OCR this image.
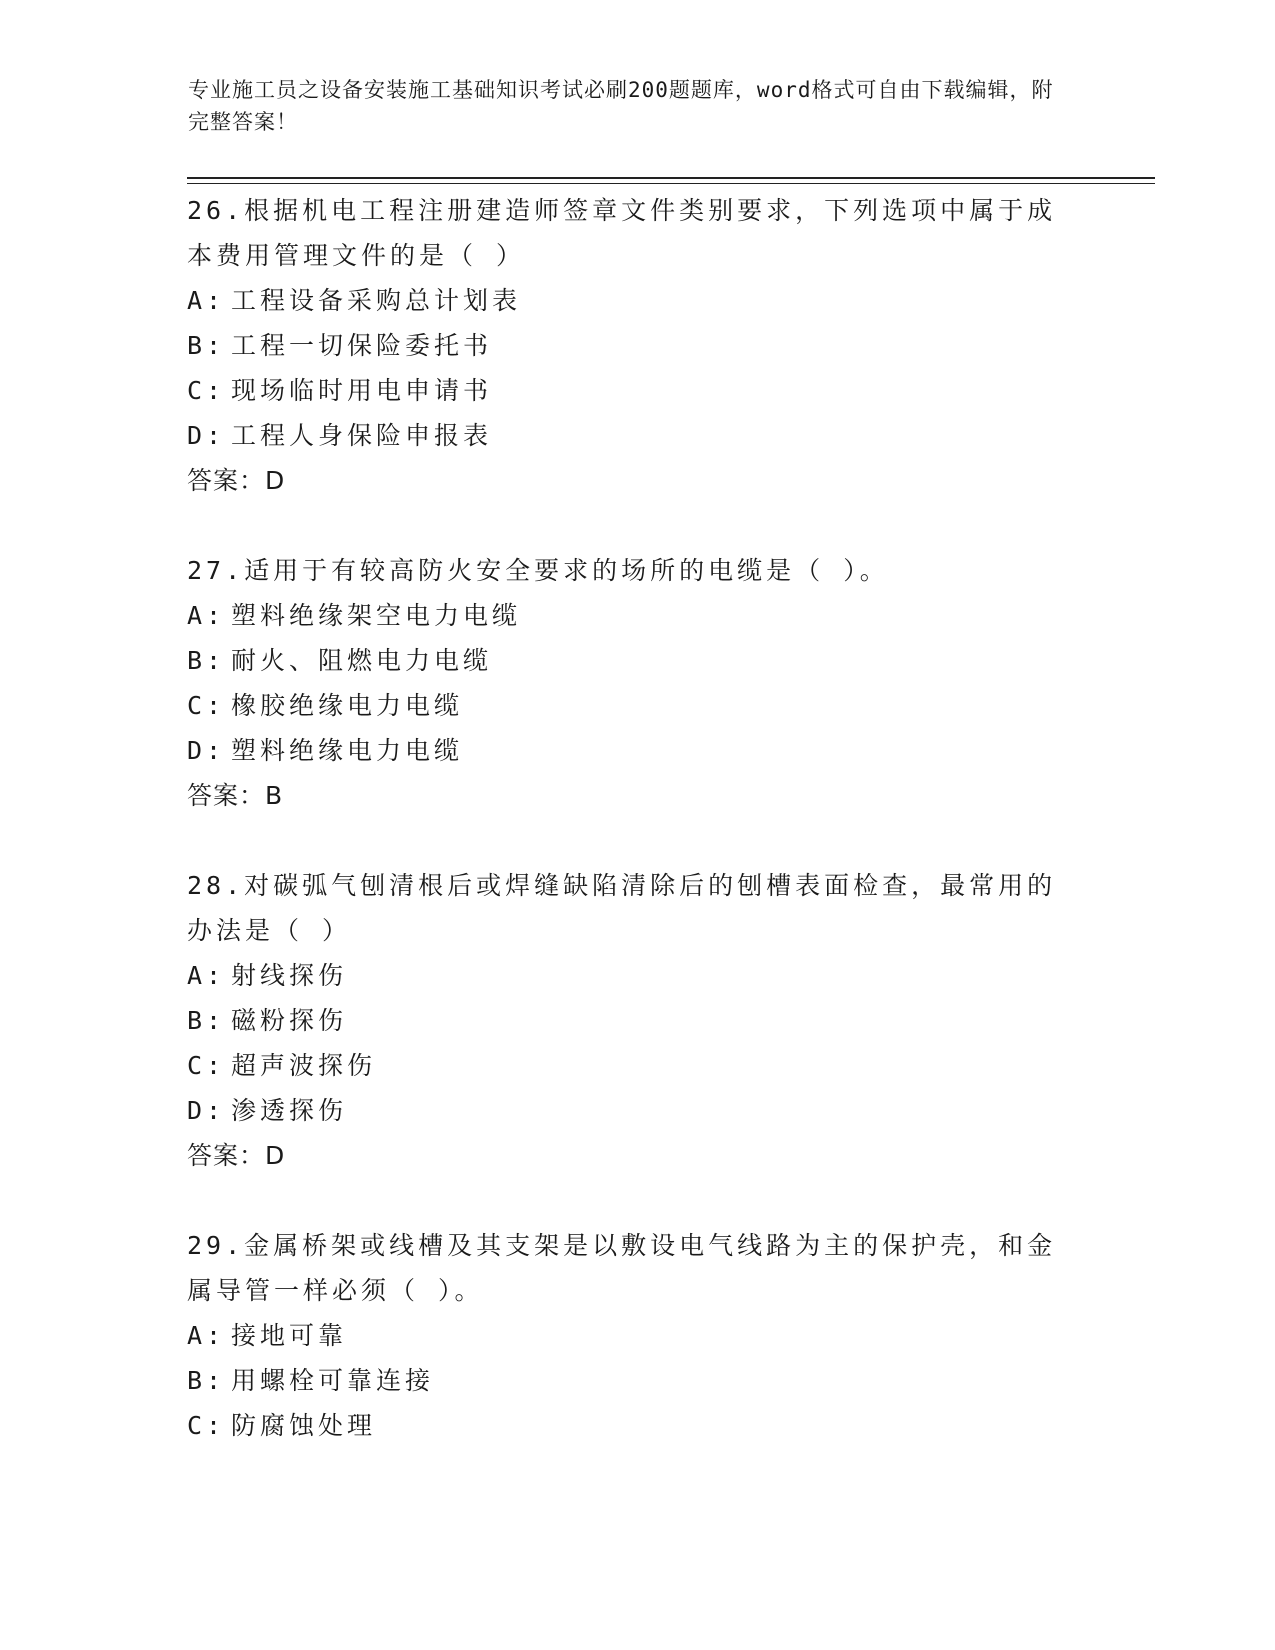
专业施工员之设备安装施工基础知识考试必刷200题题库，word格式可自由下载编辑，附完整答案！

26.根据机电工程注册建造师签章文件类别要求，下列选项中属于成本费用管理文件的是（ ）

A: 工程设备采购总计划表

B: 工程一切保险委托书

C: 现场临时用电申请书

D: 工程人身保险申报表

答案：D

27.适用于有较高防火安全要求的场所的电缆是（ ）。

A: 塑料绝缘架空电力电缆

B: 耐火、阻燃电力电缆

C: 橡胶绝缘电力电缆

D: 塑料绝缘电力电缆

答案：B

28.对碳弧气刨清根后或焊缝缺陷清除后的刨槽表面检查，最常用的办法是（ ）

A: 射线探伤

B: 磁粉探伤

C: 超声波探伤

D: 渗透探伤

答案：D

29.金属桥架或线槽及其支架是以敷设电气线路为主的保护壳，和金属导管一样必须（ ）。

A: 接地可靠

B: 用螺栓可靠连接

C: 防腐蚀处理
